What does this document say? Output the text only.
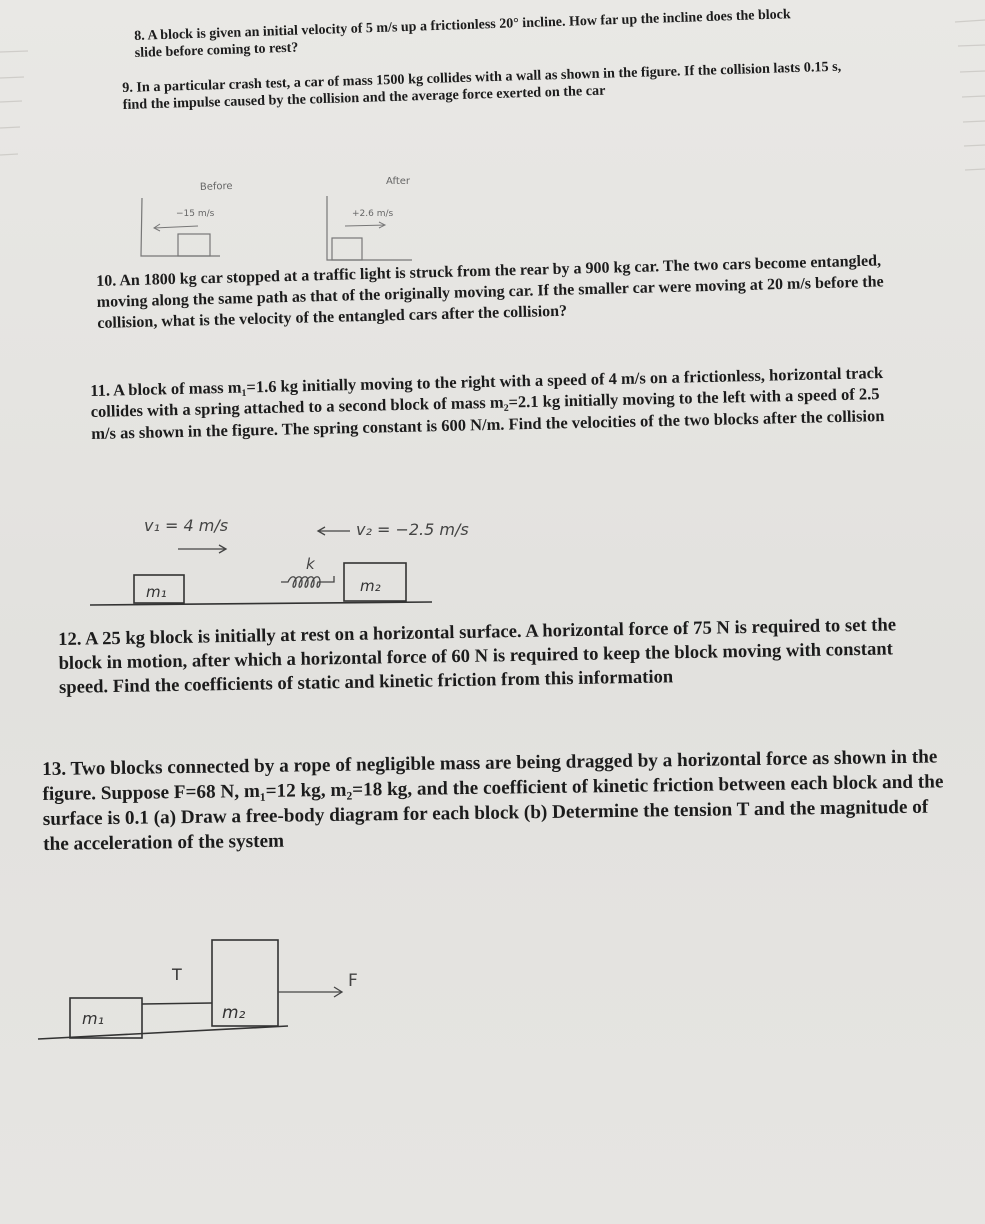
8. A block is given an initial velocity of 5 m/s up a frictionless 20° incline. How far up the incline does the block slide before coming to rest?

9. In a particular crash test, a car of mass 1500 kg collides with a wall as shown in the figure. If the collision lasts 0.15 s, find the impulse caused by the collision and the average force exerted on the car

Before
−15 m/s
After
+2.6 m/s

10. An 1800 kg car stopped at a traffic light is struck from the rear by a 900 kg car. The two cars become entangled, moving along the same path as that of the originally moving car. If the smaller car were moving at 20 m/s before the collision, what is the velocity of the entangled cars after the collision?

11. A block of mass m₁=1.6 kg initially moving to the right with a speed of 4 m/s on a frictionless, horizontal track collides with a spring attached to a second block of mass m₂=2.1 kg initially moving to the left with a speed of 2.5 m/s as shown in the figure. The spring constant is 600 N/m. Find the velocities of the two blocks after the collision

v₁ = 4 m/s	v₂ = −2.5 m/s
k
m₁	m₂

12. A 25 kg block is initially at rest on a horizontal surface. A horizontal force of 75 N is required to set the block in motion, after which a horizontal force of 60 N is required to keep the block moving with constant speed. Find the coefficients of static and kinetic friction from this information

13. Two blocks connected by a rope of negligible mass are being dragged by a horizontal force as shown in the figure. Suppose F=68 N, m₁=12 kg, m₂=18 kg, and the coefficient of kinetic friction between each block and the surface is 0.1 (a) Draw a free-body diagram for each block (b) Determine the tension T and the magnitude of the acceleration of the system

m₁
T
m₂
F
